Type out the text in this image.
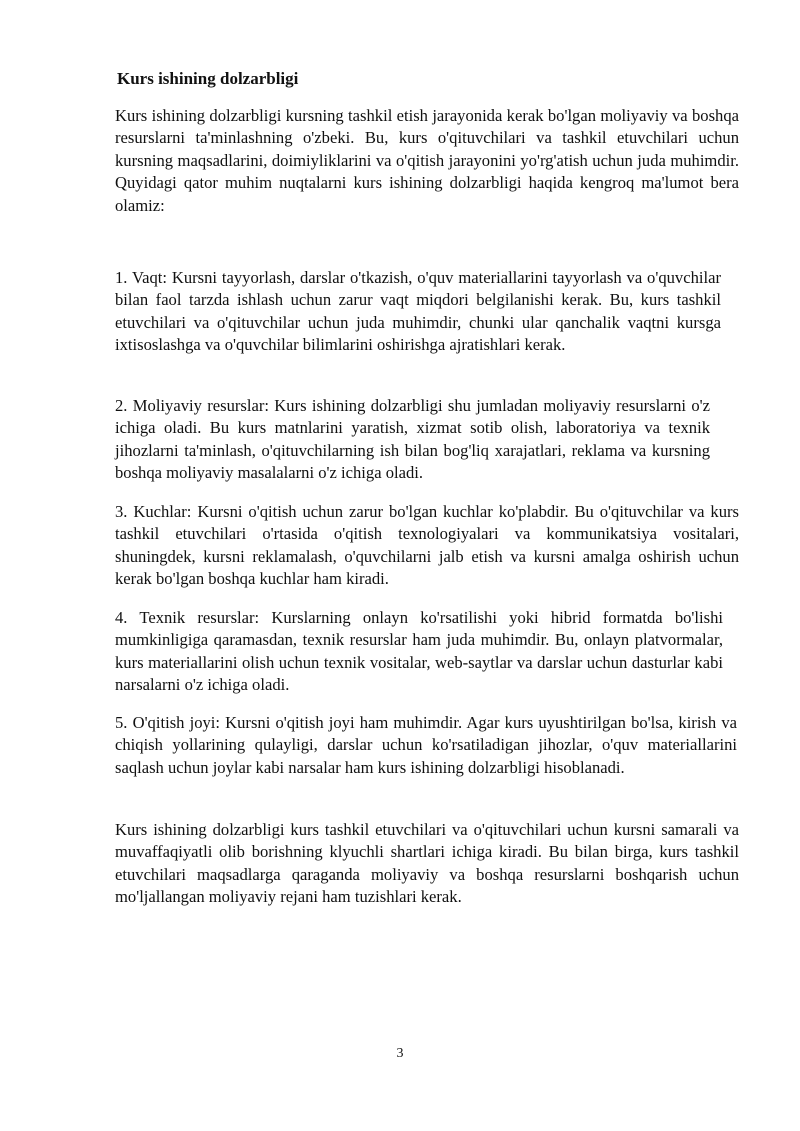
Kurs ishining dolzarbligi

Kurs ishining dolzarbligi kursning tashkil etish jarayonida kerak bo'lgan moliyaviy va boshqa resurslarni ta'minlashning o'zbeki. Bu, kurs o'qituvchilari va tashkil etuvchilari uchun kursning maqsadlarini, doimiyliklarini va o'qitish jarayonini yo'rg'atish uchun juda muhimdir. Quyidagi qator muhim nuqtalarni kurs ishining dolzarbligi haqida kengroq ma'lumot bera olamiz:

1. Vaqt: Kursni tayyorlash, darslar o'tkazish, o'quv materiallarini tayyorlash va o'quvchilar bilan faol tarzda ishlash uchun zarur vaqt miqdori belgilanishi kerak. Bu, kurs tashkil etuvchilari va o'qituvchilar uchun juda muhimdir, chunki ular qanchalik vaqtni kursga ixtisoslashga va o'quvchilar bilimlarini oshirishga ajratishlari kerak.

2. Moliyaviy resurslar: Kurs ishining dolzarbligi shu jumladan moliyaviy resurslarni o'z ichiga oladi. Bu kurs matnlarini yaratish, xizmat sotib olish, laboratoriya va texnik jihozlarni ta'minlash, o'qituvchilarning ish bilan bog'liq xarajatlari, reklama va kursning boshqa moliyaviy masalalarni o'z ichiga oladi.

3. Kuchlar: Kursni o'qitish uchun zarur bo'lgan kuchlar ko'plabdir. Bu o'qituvchilar va kurs tashkil etuvchilari o'rtasida o'qitish texnologiyalari va kommunikatsiya vositalari, shuningdek, kursni reklamalash, o'quvchilarni jalb etish va kursni amalga oshirish uchun kerak bo'lgan boshqa kuchlar ham kiradi.

4. Texnik resurslar: Kurslarning onlayn ko'rsatilishi yoki hibrid formatda bo'lishi mumkinligiga qaramasdan, texnik resurslar ham juda muhimdir. Bu, onlayn platvormalar, kurs materiallarini olish uchun texnik vositalar, web-saytlar va darslar uchun dasturlar kabi narsalarni o'z ichiga oladi.

5. O'qitish joyi: Kursni o'qitish joyi ham muhimdir. Agar kurs uyushtirilgan bo'lsa, kirish va chiqish yollarining qulayligi, darslar uchun ko'rsatiladigan jihozlar, o'quv materiallarini saqlash uchun joylar kabi narsalar ham kurs ishining dolzarbligi hisoblanadi.

Kurs ishining dolzarbligi kurs tashkil etuvchilari va o'qituvchilari uchun kursni samarali va muvaffaqiyatli olib borishning klyuchli shartlari ichiga kiradi. Bu bilan birga, kurs tashkil etuvchilari maqsadlarga qaraganda moliyaviy va boshqa resurslarni boshqarish uchun mo'ljallangan moliyaviy rejani ham tuzishlari kerak.

3
